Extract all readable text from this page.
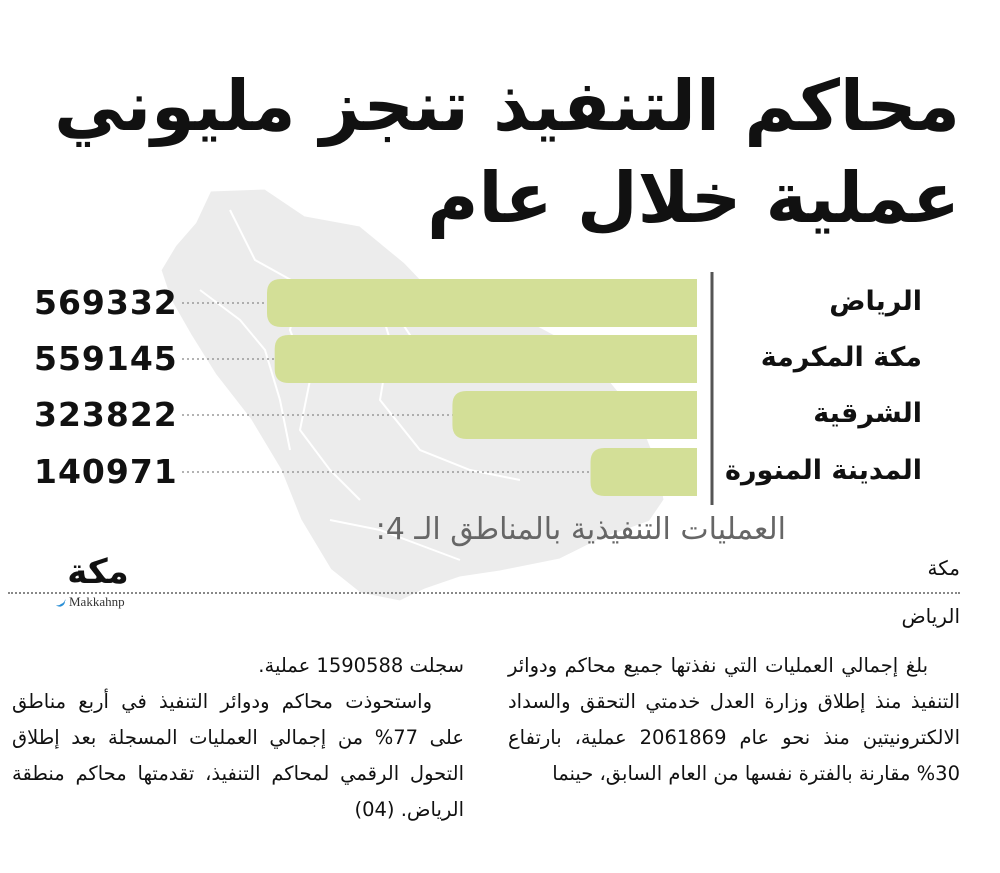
محاكم التنفيذ تنجز مليوني
عملية خلال عام
الرياض
مكة المكرمة
الشرقية
المدينة المنورة
569332
559145
323822
140971
العمليات التنفيذية بالمناطق الـ 4:
مكة
Makkahnp
مكة
الرياض

بلغ إجمالي العمليات التي نفذتها جميع محاكم ودوائر التنفيذ منذ إطلاق وزارة العدل خدمتي التحقق والسداد الالكترونيتين منذ نحو عام 2061869 عملية، بارتفاع 30% مقارنة بالفترة نفسها من العام السابق، حينما

سجلت 1590588 عملية.

واستحوذت محاكم ودوائر التنفيذ في أربع مناطق على 77% من إجمالي العمليات المسجلة بعد إطلاق التحول الرقمي لمحاكم التنفيذ، تقدمتها محاكم منطقة الرياض. (04)
